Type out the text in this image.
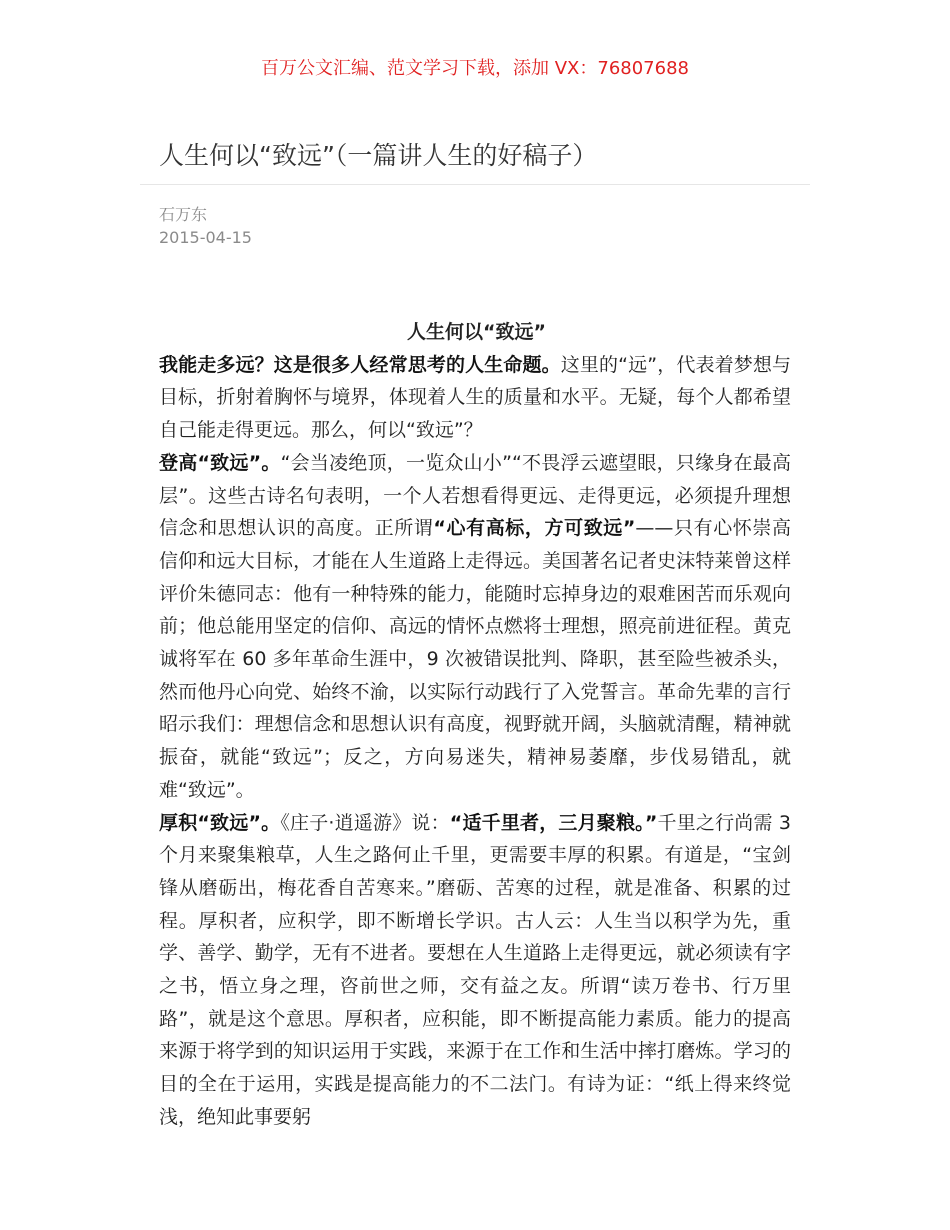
百万公文汇编、范文学习下载，添加 VX：76807688
人生何以“致远”（一篇讲人生的好稿子）
石万东
2015-04-15
人生何以“致远”

我能走多远？这是很多人经常思考的人生命题。这里的“远”，代表着梦想与目标，折射着胸怀与境界，体现着人生的质量和水平。无疑，每个人都希望自己能走得更远。那么，何以“致远”？

登高“致远”。“会当凌绝顶，一览众山小”“不畏浮云遮望眼，只缘身在最高层”。这些古诗名句表明，一个人若想看得更远、走得更远，必须提升理想信念和思想认识的高度。正所谓“心有高标，方可致远”——只有心怀崇高信仰和远大目标，才能在人生道路上走得远。美国著名记者史沫特莱曾这样评价朱德同志：他有一种特殊的能力，能随时忘掉身边的艰难困苦而乐观向前；他总能用坚定的信仰、高远的情怀点燃将士理想，照亮前进征程。黄克诚将军在 60 多年革命生涯中，9 次被错误批判、降职，甚至险些被杀头，然而他丹心向党、始终不渝，以实际行动践行了入党誓言。革命先辈的言行昭示我们：理想信念和思想认识有高度，视野就开阔，头脑就清醒，精神就振奋，就能“致远”；反之，方向易迷失，精神易萎靡，步伐易错乱，就难“致远”。

厚积“致远”。《庄子·逍遥游》说：“适千里者，三月聚粮。”千里之行尚需 3 个月来聚集粮草，人生之路何止千里，更需要丰厚的积累。有道是，“宝剑锋从磨砺出，梅花香自苦寒来。”磨砺、苦寒的过程，就是准备、积累的过程。厚积者，应积学，即不断增长学识。古人云：人生当以积学为先，重学、善学、勤学，无有不进者。要想在人生道路上走得更远，就必须读有字之书，悟立身之理，咨前世之师，交有益之友。所谓“读万卷书、行万里路”，就是这个意思。厚积者，应积能，即不断提高能力素质。能力的提高来源于将学到的知识运用于实践，来源于在工作和生活中摔打磨炼。学习的目的全在于运用，实践是提高能力的不二法门。有诗为证：“纸上得来终觉浅，绝知此事要躬
